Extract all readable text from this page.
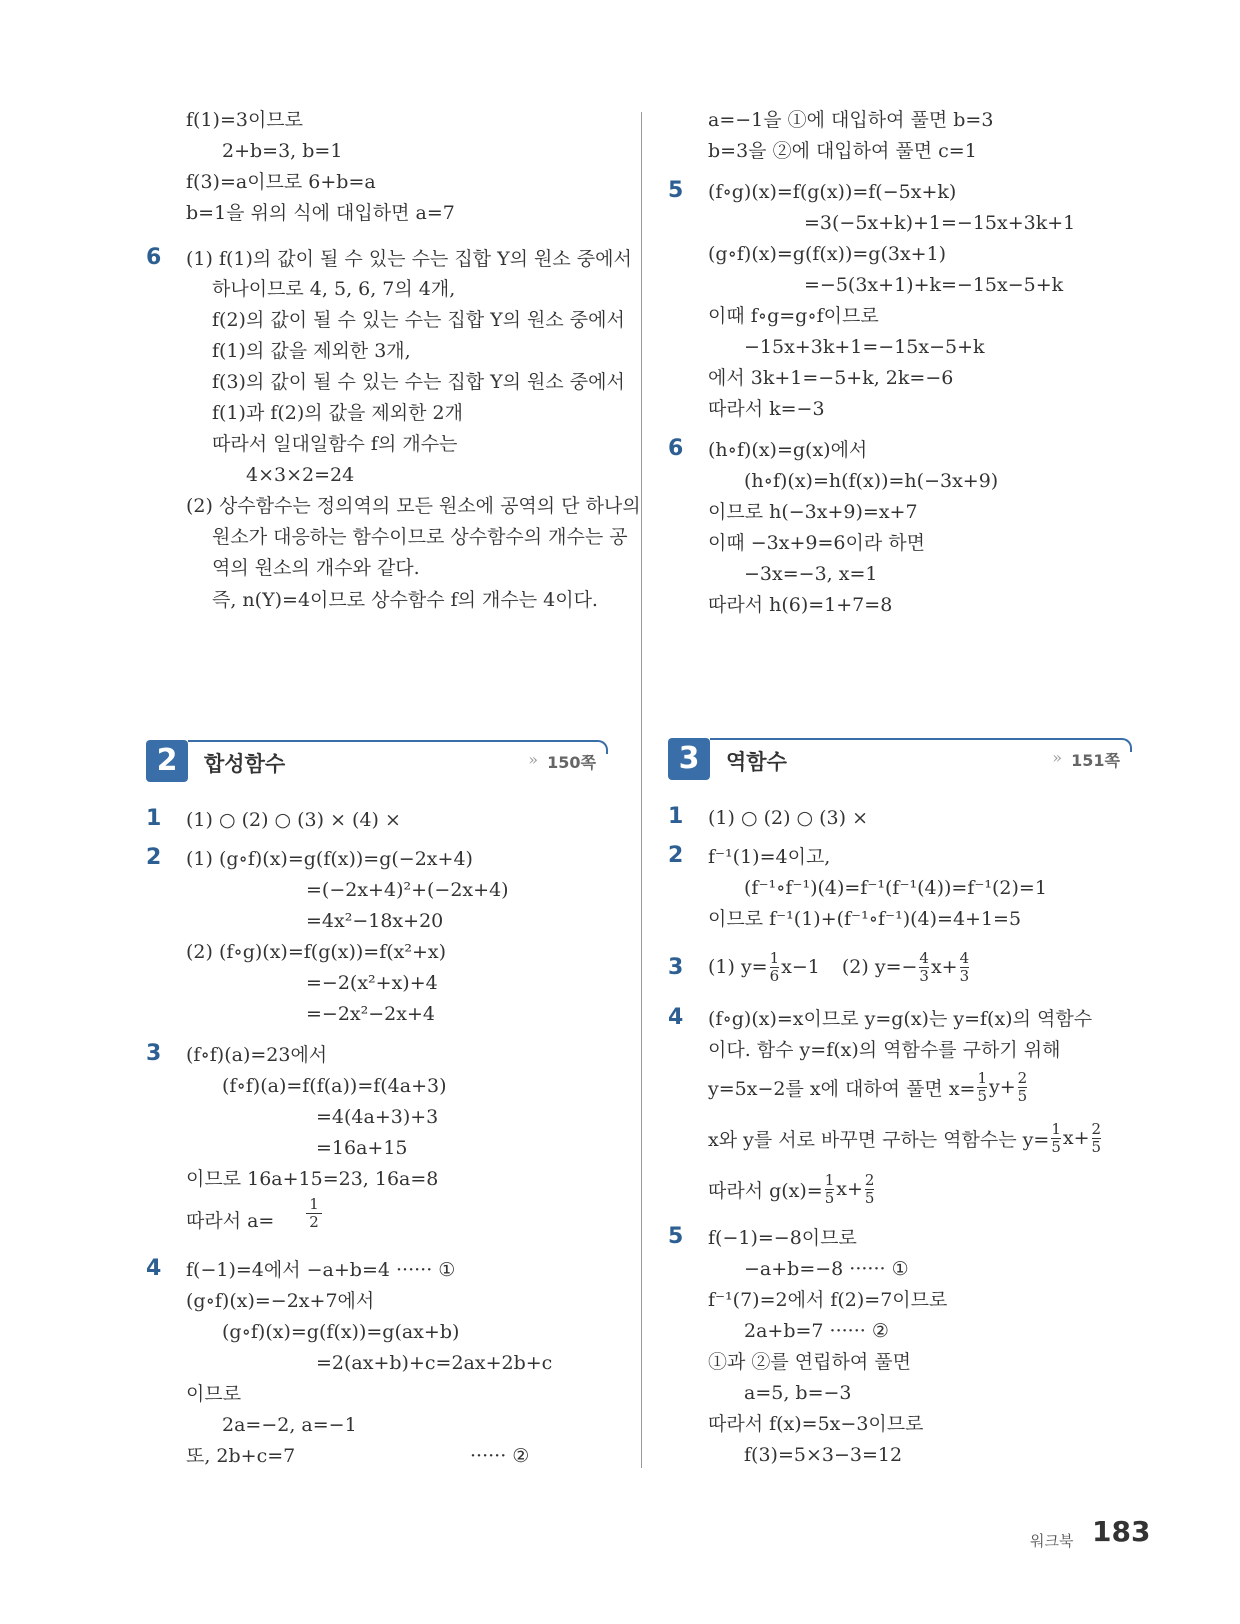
f(1)=3이므로
2+b=3, b=1
f(3)=a이므로 6+b=a
b=1을 위의 식에 대입하면 a=7
6 (1) f(1)의 값이 될 수 있는 수는 집합 Y의 원소 중에서
하나이므로 4, 5, 6, 7의 4개,
f(2)의 값이 될 수 있는 수는 집합 Y의 원소 중에서
f(1)의 값을 제외한 3개,
f(3)의 값이 될 수 있는 수는 집합 Y의 원소 중에서
f(1)과 f(2)의 값을 제외한 2개
따라서 일대일함수 f의 개수는
4×3×2=24
(2) 상수함수는 정의역의 모든 원소에 공역의 단 하나의
원소가 대응하는 함수이므로 상수함수의 개수는 공
역의 원소의 개수와 같다.
즉, n(Y)=4이므로 상수함수 f의 개수는 4이다.
a=−1을 ①에 대입하여 풀면 b=3
b=3을 ②에 대입하여 풀면 c=1
5 (f∘g)(x)=f(g(x))=f(−5x+k)
=3(−5x+k)+1=−15x+3k+1
(g∘f)(x)=g(f(x))=g(3x+1)
=−5(3x+1)+k=−15x−5+k
이때 f∘g=g∘f이므로
−15x+3k+1=−15x−5+k
에서 3k+1=−5+k, 2k=−6
따라서 k=−3
6 (h∘f)(x)=g(x)에서
(h∘f)(x)=h(f(x))=h(−3x+9)
이므로 h(−3x+9)=x+7
이때 −3x+9=6이라 하면
−3x=−3, x=1
따라서 h(6)=1+7=8
2	합성함수	» 150쪽	3	역함수	» 151쪽
1 (1) ○ (2) ○ (3) × (4) ×
2 (1) (g∘f)(x)=g(f(x))=g(−2x+4)
=(−2x+4)²+(−2x+4)
=4x²−18x+20
(2) (f∘g)(x)=f(g(x))=f(x²+x)
=−2(x²+x)+4
=−2x²−2x+4
3 (f∘f)(a)=23에서
(f∘f)(a)=f(f(a))=f(4a+3)
=4(4a+3)+3
=16a+15
이므로 16a+15=23, 16a=8
따라서 $a= \frac{1}{2}$
4 f(−1)=4에서 −a+b=4 ······ ①
(g∘f)(x)=−2x+7에서
(g∘f)(x)=g(f(x))=g(ax+b)
=2(ax+b)+c=2ax+2b+c
이므로
2a=−2, a=−1
또, 2b+c=7	······ ②
1 (1) ○ (2) ○ (3) ×
2 f⁻¹(1)=4이고,
(f⁻¹∘f⁻¹)(4)=f⁻¹(f⁻¹(4))=f⁻¹(2)=1
이므로 f⁻¹(1)+(f⁻¹∘f⁻¹)(4)=4+1=5
3 (1) $y= \frac{1}{6} x-1$ (2) $y=- \frac{4}{3} x+ \frac{4}{3}$
4 (f∘g)(x)=x이므로 y=g(x)는 y=f(x)의 역함수
이다. 함수 y=f(x)의 역함수를 구하기 위해
y=5x−2를 x에 대하여 풀면 $x= \frac{1}{5} y+ \frac{2}{5}$
x와 y를 서로 바꾸면 구하는 역함수는 $y= \frac{1}{5} x+ \frac{2}{5}$
따라서 $g(x)= \frac{1}{5} x+ \frac{2}{5}$
5 f(−1)=−8이므로
−a+b=−8 ······ ①
f⁻¹(7)=2에서 f(2)=7이므로
2a+b=7 ······ ②
①과 ②를 연립하여 풀면
a=5, b=−3
따라서 f(x)=5x−3이므로
f(3)=5×3−3=12
워크북 183
